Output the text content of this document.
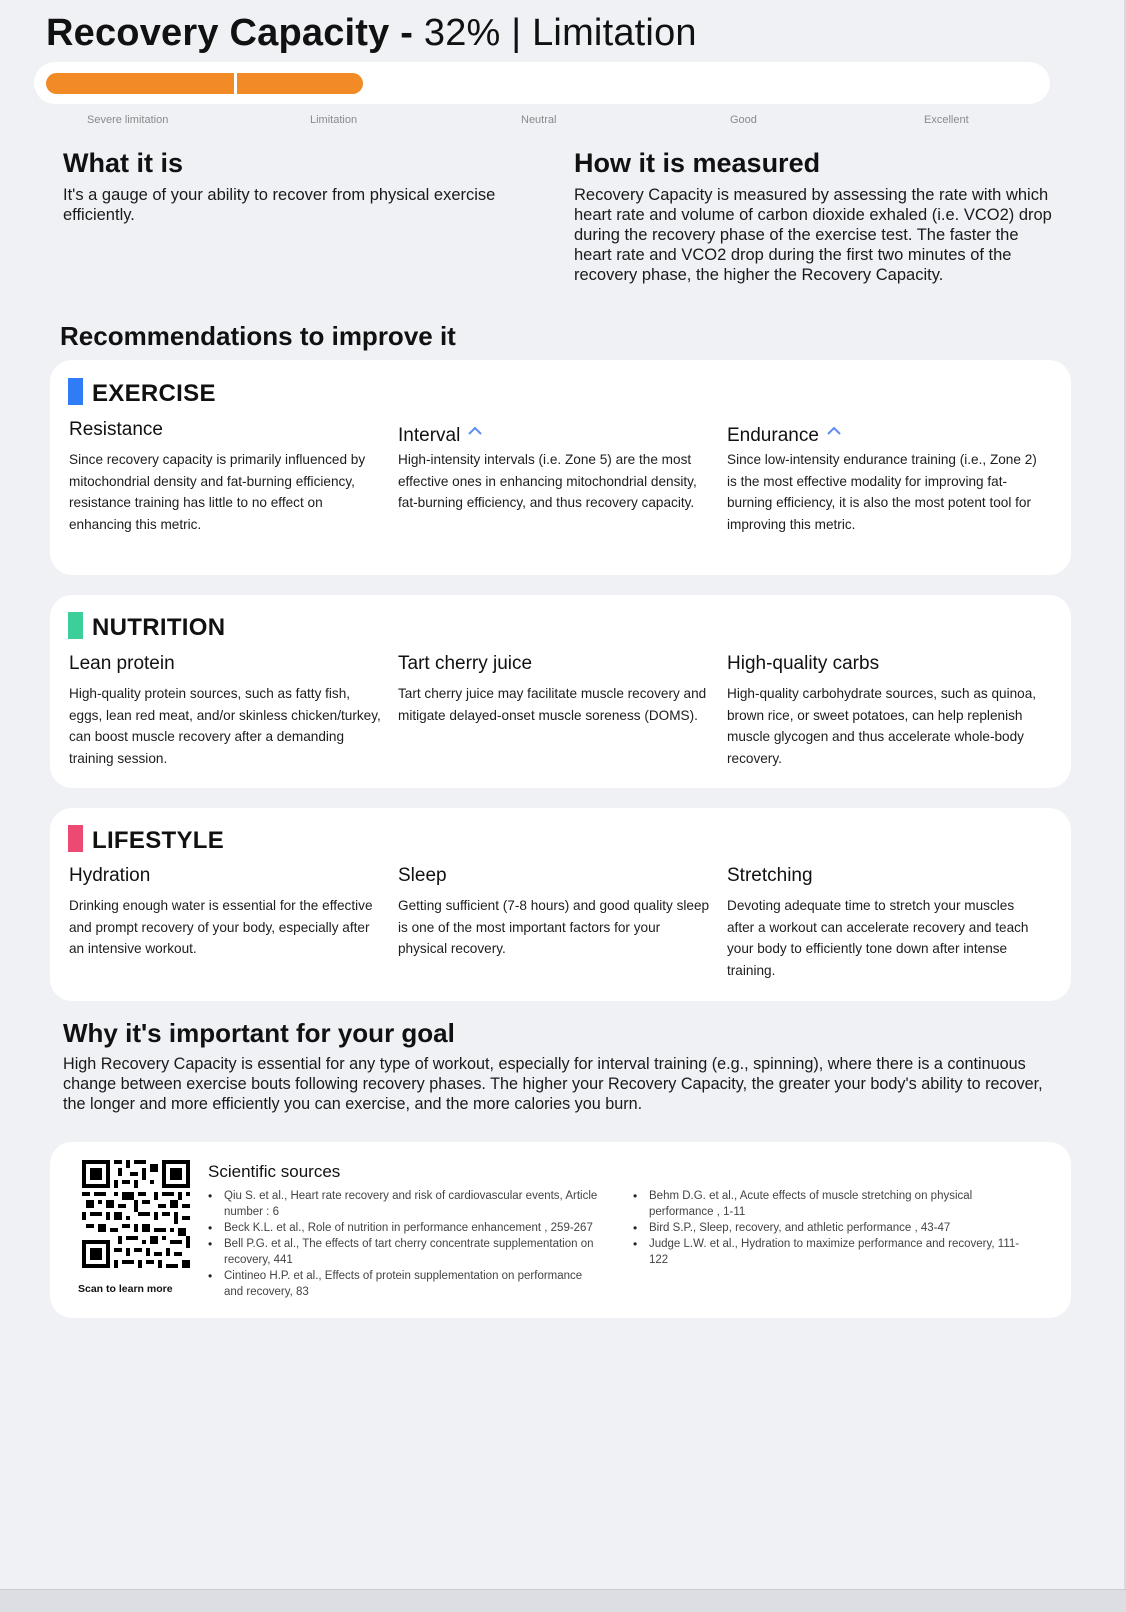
Recovery Capacity - 32% | Limitation
Severe limitation	Limitation	Neutral	Good	Excellent
What it is
It's a gauge of your ability to recover from physical exercise efficiently.
How it is measured
Recovery Capacity is measured by assessing the rate with which heart rate and volume of carbon dioxide exhaled (i.e. VCO2) drop during the recovery phase of the exercise test. The faster the heart rate and VCO2 drop during the first two minutes of the recovery phase, the higher the Recovery Capacity.
Recommendations to improve it
EXERCISE
Resistance
Since recovery capacity is primarily influenced by mitochondrial density and fat-burning efficiency, resistance training has little to no effect on enhancing this metric.
Interval
High-intensity intervals (i.e. Zone 5) are the most effective ones in enhancing mitochondrial density, fat-burning efficiency, and thus recovery capacity.
Endurance
Since low-intensity endurance training (i.e., Zone 2) is the most effective modality for improving fat-burning efficiency, it is also the most potent tool for improving this metric.
NUTRITION
Lean protein
High-quality protein sources, such as fatty fish, eggs, lean red meat, and/or skinless chicken/turkey, can boost muscle recovery after a demanding training session.
Tart cherry juice
Tart cherry juice may facilitate muscle recovery and mitigate delayed-onset muscle soreness (DOMS).
High-quality carbs
High-quality carbohydrate sources, such as quinoa, brown rice, or sweet potatoes, can help replenish muscle glycogen and thus accelerate whole-body recovery.
LIFESTYLE
Hydration
Drinking enough water is essential for the effective and prompt recovery of your body, especially after an intensive workout.
Sleep
Getting sufficient (7-8 hours) and good quality sleep is one of the most important factors for your physical recovery.
Stretching
Devoting adequate time to stretch your muscles after a workout can accelerate recovery and teach your body to efficiently tone down after intense training.
Why it's important for your goal
High Recovery Capacity is essential for any type of workout, especially for interval training (e.g., spinning), where there is a continuous change between exercise bouts following recovery phases. The higher your Recovery Capacity, the greater your body's ability to recover, the longer and more efficiently you can exercise, and the more calories you burn.
Scan to learn more
Scientific sources
• Qiu S. et al., Heart rate recovery and risk of cardiovascular events, Article number : 6
• Beck K.L. et al., Role of nutrition in performance enhancement , 259-267
• Bell P.G. et al., The effects of tart cherry concentrate supplementation on recovery, 441
• Cintineo H.P. et al., Effects of protein supplementation on performance and recovery, 83
• Behm D.G. et al., Acute effects of muscle stretching on physical performance , 1-11
• Bird S.P., Sleep, recovery, and athletic performance , 43-47
• Judge L.W. et al., Hydration to maximize performance and recovery, 111-122
